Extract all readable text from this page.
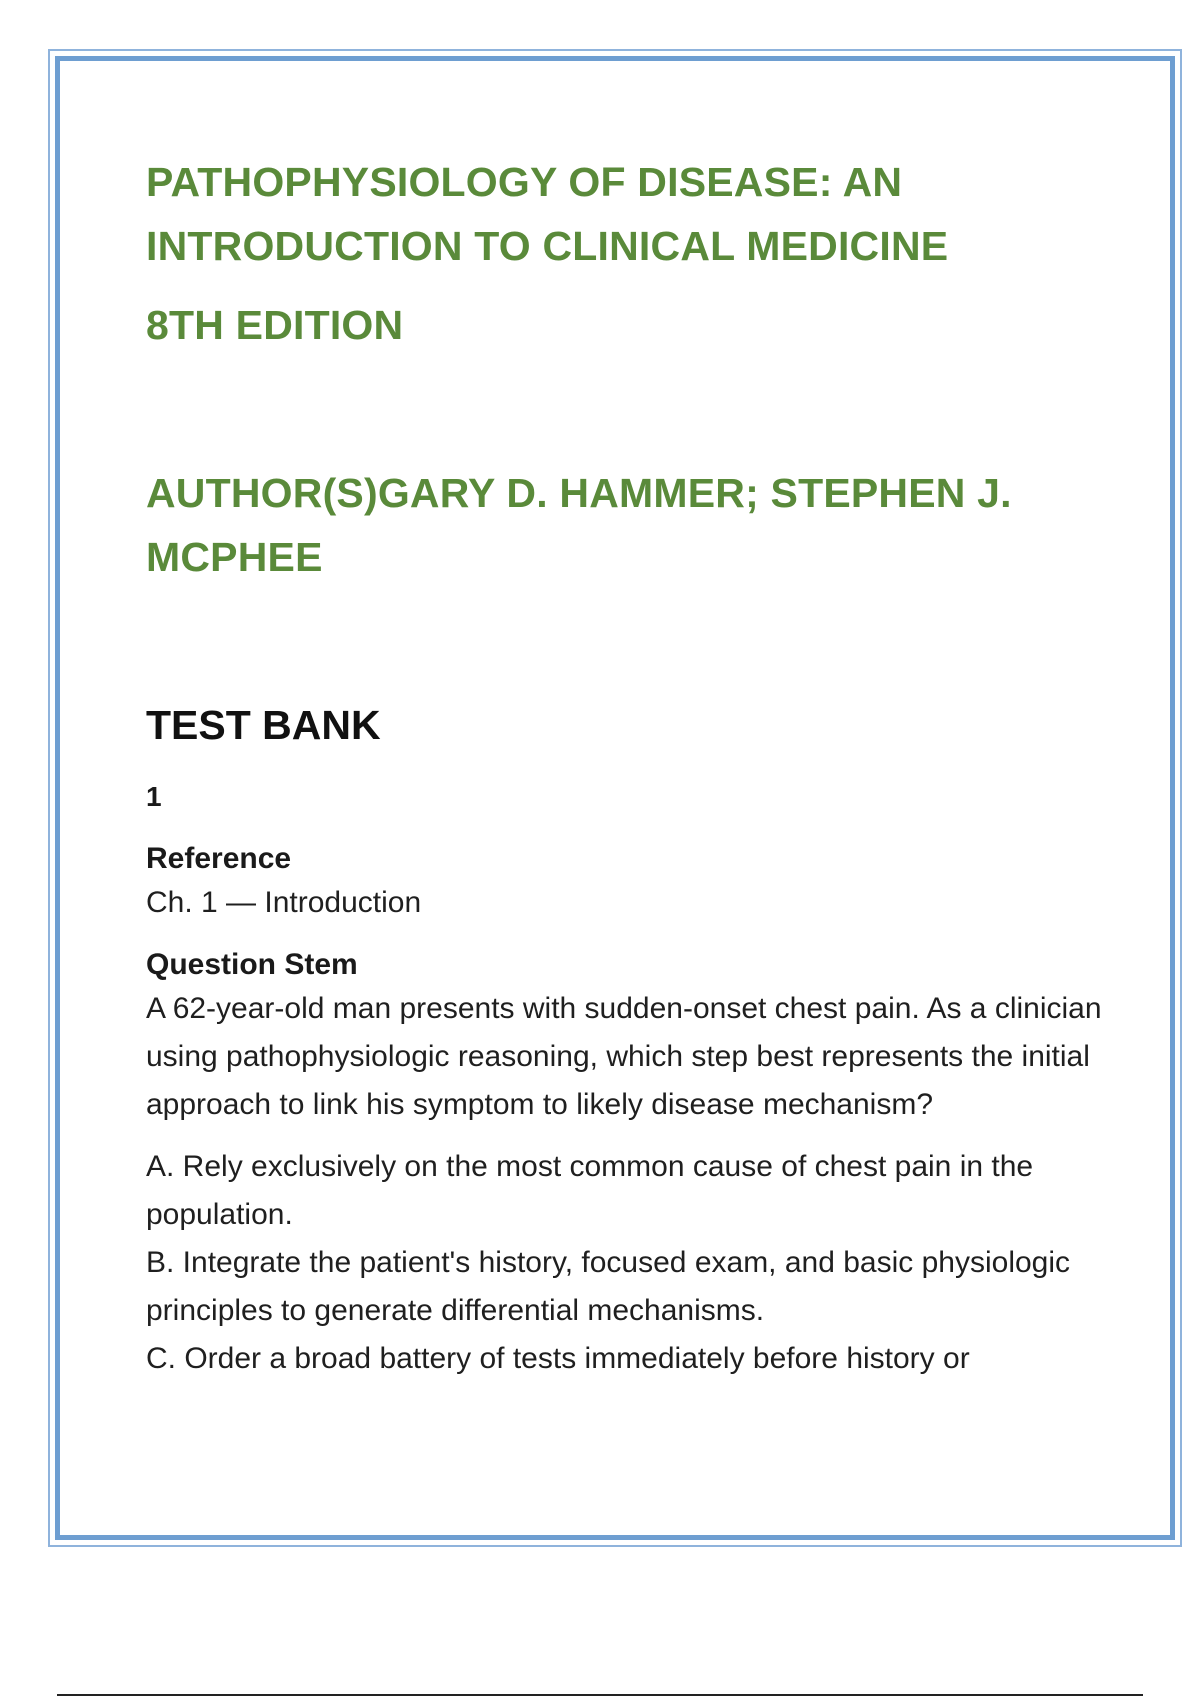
PATHOPHYSIOLOGY OF DISEASE: AN

INTRODUCTION TO CLINICAL MEDICINE

8TH EDITION

AUTHOR(S)GARY D. HAMMER; STEPHEN J.

MCPHEE

TEST BANK

1

Reference

Ch. 1 — Introduction

Question Stem

A 62-year-old man presents with sudden-onset chest pain. As a clinician using pathophysiologic reasoning, which step best represents the initial approach to link his symptom to likely disease mechanism?

A. Rely exclusively on the most common cause of chest pain in the population.

B. Integrate the patient's history, focused exam, and basic physiologic principles to generate differential mechanisms.

C. Order a broad battery of tests immediately before history or
